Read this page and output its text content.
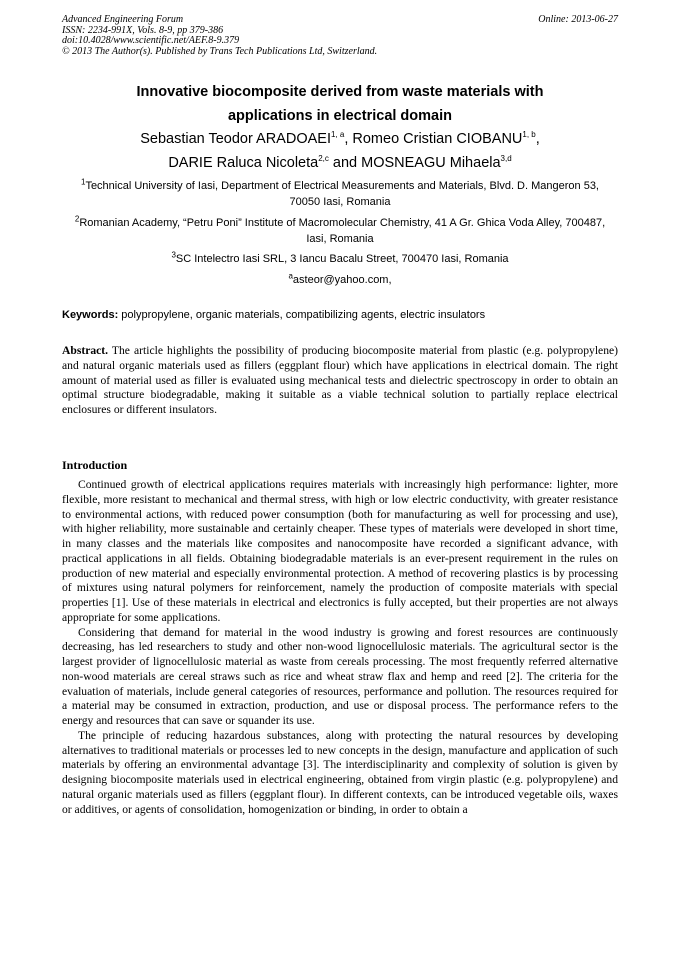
Advanced Engineering Forum
ISSN: 2234-991X, Vols. 8-9, pp 379-386
doi:10.4028/www.scientific.net/AEF.8-9.379
© 2013 The Author(s). Published by Trans Tech Publications Ltd, Switzerland.
Online: 2013-06-27
Innovative biocomposite derived from waste materials with
applications in electrical domain
Sebastian Teodor ARADOAEI$^{1, a}$, Romeo Cristian CIOBANU$^{1, b}$,
DARIE Raluca Nicoleta$^{2,c}$ and MOSNEAGU Mihaela$^{3,d}$
$^1$Technical University of Iasi, Department of Electrical Measurements and Materials, Blvd. D. Mangeron 53, 70050 Iasi, Romania
$^2$Romanian Academy, “Petru Poni” Institute of Macromolecular Chemistry, 41 A Gr. Ghica Voda Alley, 700487, Iasi, Romania
$^3$SC Intelectro Iasi SRL, 3 Iancu Bacalu Street, 700470 Iasi, Romania
$^a$asteor@yahoo.com,
Keywords: polypropylene, organic materials, compatibilizing agents, electric insulators
Abstract. The article highlights the possibility of producing biocomposite material from plastic (e.g. polypropylene) and natural organic materials used as fillers (eggplant flour) which have applications in electrical domain. The right amount of material used as filler is evaluated using mechanical tests and dielectric spectroscopy in order to obtain an optimal structure biodegradable, making it suitable as a viable technical solution to partially replace electrical enclosures or different insulators.
Introduction

Continued growth of electrical applications requires materials with increasingly high performance: lighter, more flexible, more resistant to mechanical and thermal stress, with high or low electric conductivity, with greater resistance to environmental actions, with reduced power consumption (both for manufacturing as well for processing and use), with higher reliability, more sustainable and certainly cheaper. These types of materials were developed in short time, in many classes and the materials like composites and nanocomposite have recorded a significant advance, with practical applications in all fields. Obtaining biodegradable materials is an ever-present requirement in the rules on production of new material and especially environmental protection. A method of recovering plastics is by processing of mixtures using natural polymers for reinforcement, namely the production of composite materials with special properties [1]. Use of these materials in electrical and electronics is fully accepted, but their properties are not always appropriate for some applications.

Considering that demand for material in the wood industry is growing and forest resources are continuously decreasing, has led researchers to study and other non-wood lignocellulosic materials. The agricultural sector is the largest provider of lignocellulosic material as waste from cereals processing. The most frequently referred alternative non-wood materials are cereal straws such as rice and wheat straw flax and hemp and reed [2]. The criteria for the evaluation of materials, include general categories of resources, performance and pollution. The resources required for a material may be consumed in extraction, production, and use or disposal process. The performance refers to the energy and resources that can save or squander its use.

The principle of reducing hazardous substances, along with protecting the natural resources by developing alternatives to traditional materials or processes led to new concepts in the design, manufacture and application of such materials by offering an environmental advantage [3]. The interdisciplinarity and complexity of solution is given by designing biocomposite materials used in electrical engineering, obtained from virgin plastic (e.g. polypropylene) and natural organic materials used as fillers (eggplant flour). In different contexts, can be introduced vegetable oils, waxes or additives, or agents of consolidation, homogenization or binding, in order to obtain a
